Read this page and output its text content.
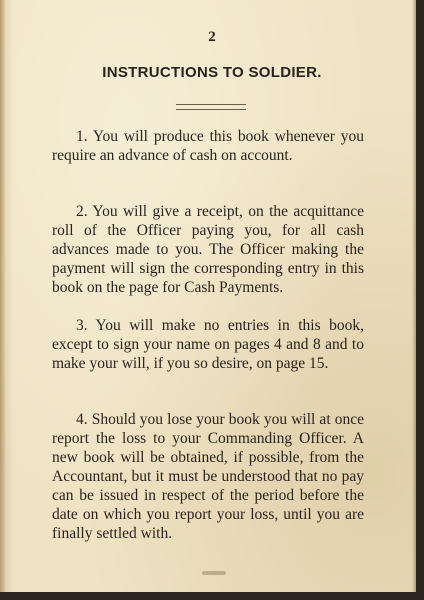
2
INSTRUCTIONS TO SOLDIER.

1. You will produce this book whenever you require an advance of cash on account.

2. You will give a receipt, on the acquittance roll of the Officer paying you, for all cash advances made to you. The Officer making the payment will sign the corresponding entry in this book on the page for Cash Payments.

3. You will make no entries in this book, except to sign your name on pages 4 and 8 and to make your will, if you so desire, on page 15.

4. Should you lose your book you will at once report the loss to your Commanding Officer. A new book will be obtained, if possible, from the Accountant, but it must be understood that no pay can be issued in respect of the period before the date on which you report your loss, until you are finally settled with.
